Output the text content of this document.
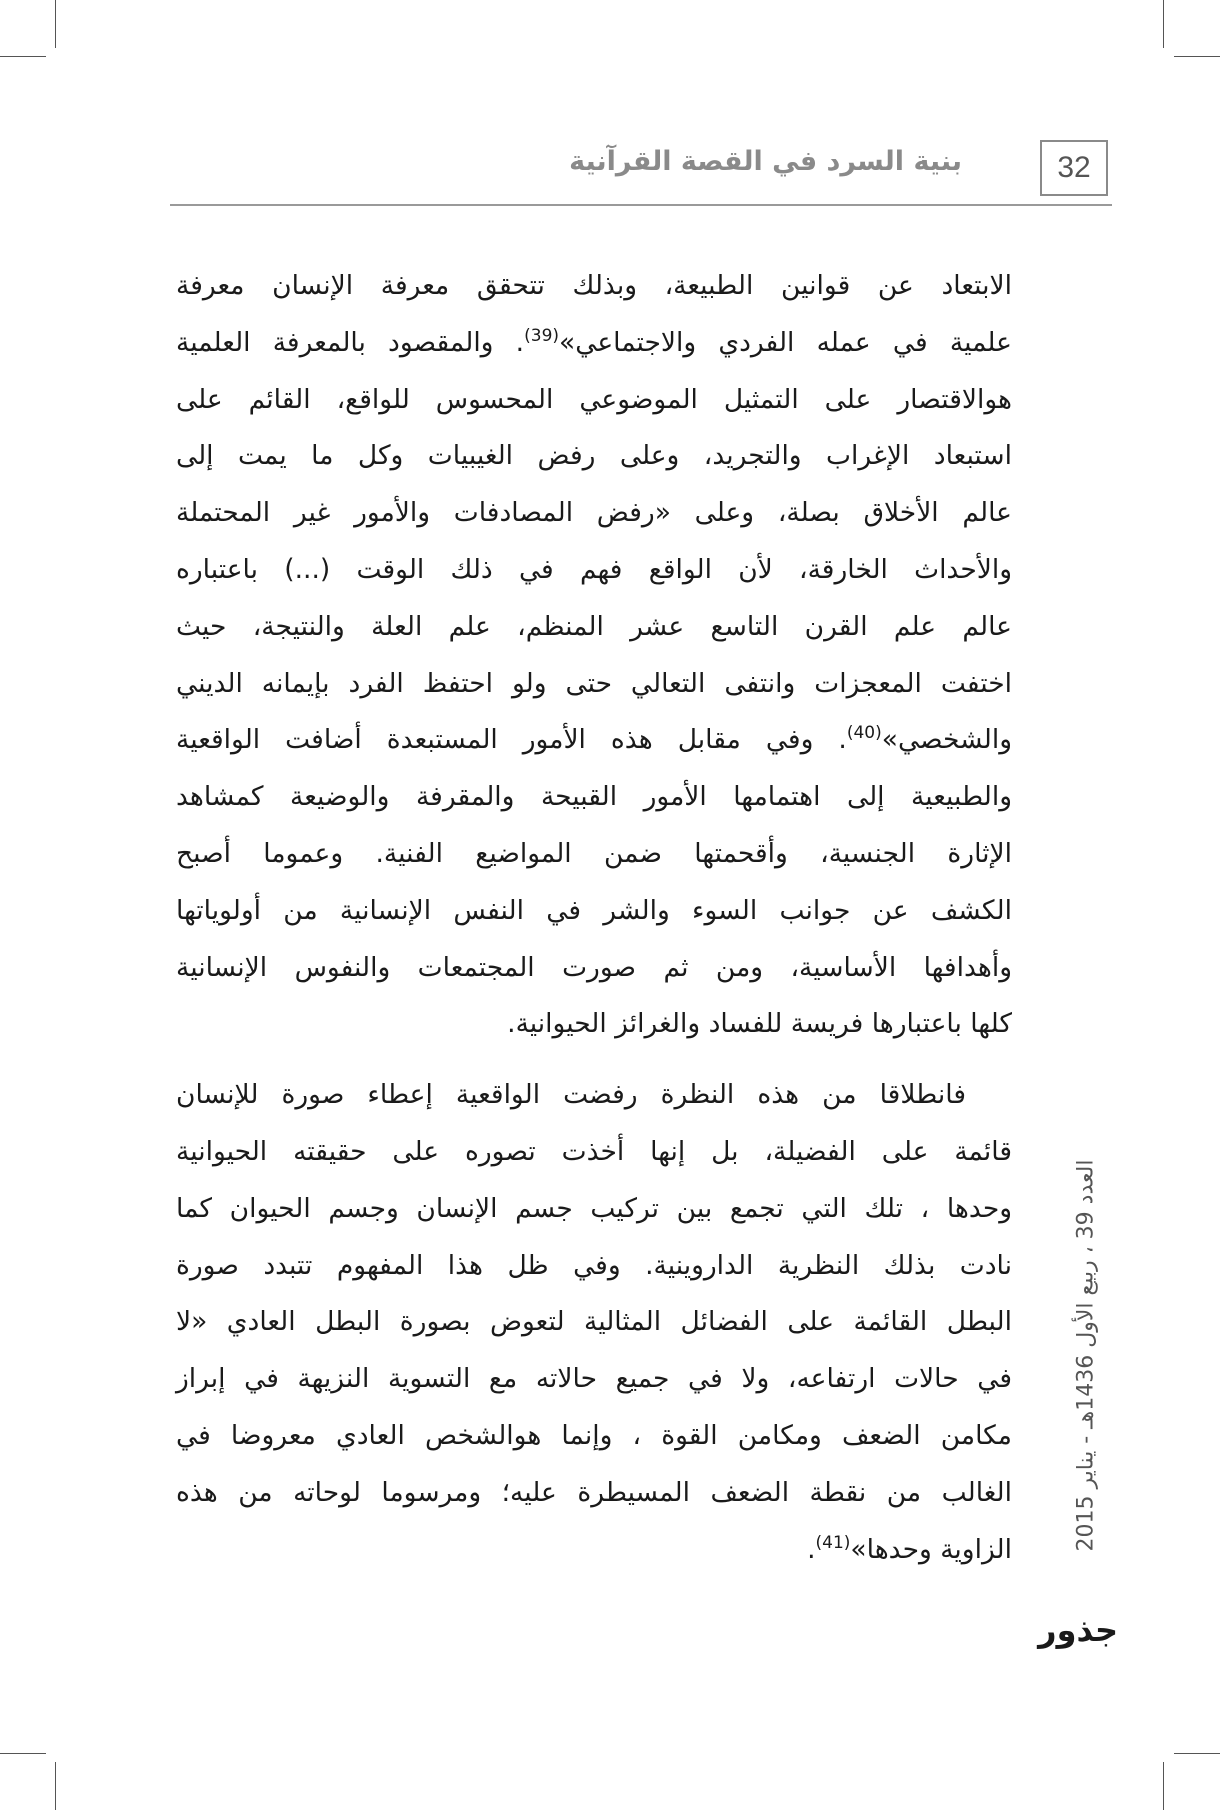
32
بنية السرد في القصة القرآنية

الابتعاد عن قوانين الطبيعة، وبذلك تتحقق معرفة الإنسان معرفة
علمية في عمله الفردي والاجتماعي»$^{(39)}$. والمقصود بالمعرفة العلمية
هوالاقتصار على التمثيل الموضوعي المحسوس للواقع، القائم على
استبعاد الإغراب والتجريد، وعلى رفض الغيبيات وكل ما يمت إلى
عالم الأخلاق بصلة، وعلى «رفض المصادفات والأمور غير المحتملة
والأحداث الخارقة، لأن الواقع فهم في ذلك الوقت (...) باعتباره
عالم علم القرن التاسع عشر المنظم، علم العلة والنتيجة، حيث
اختفت المعجزات وانتفى التعالي حتى ولو احتفظ الفرد بإيمانه الديني
والشخصي»$^{(40)}$. وفي مقابل هذه الأمور المستبعدة أضافت الواقعية
والطبيعية إلى اهتمامها الأمور القبيحة والمقرفة والوضيعة كمشاهد
الإثارة الجنسية، وأقحمتها ضمن المواضيع الفنية. وعموما أصبح
الكشف عن جوانب السوء والشر في النفس الإنسانية من أولوياتها
وأهدافها الأساسية، ومن ثم صورت المجتمعات والنفوس الإنسانية
كلها باعتبارها فريسة للفساد والغرائز الحيوانية.

فانطلاقا من هذه النظرة رفضت الواقعية إعطاء صورة للإنسان
قائمة على الفضيلة، بل إنها أخذت تصوره على حقيقته الحيوانية
وحدها ، تلك التي تجمع بين تركيب جسم الإنسان وجسم الحيوان كما
نادت بذلك النظرية الداروينية. وفي ظل هذا المفهوم تتبدد صورة
البطل القائمة على الفضائل المثالية لتعوض بصورة البطل العادي «لا
في حالات ارتفاعه، ولا في جميع حالاته مع التسوية النزيهة في إبراز
مكامن الضعف ومكامن القوة ، وإنما هوالشخص العادي معروضا في
الغالب من نقطة الضعف المسيطرة عليه؛ ومرسوما لوحاته من هذه
الزاوية وحدها»$^{(41)}$.	العدد 39 ، ربيع الأول 1436هـ - يناير 2015
جذور
